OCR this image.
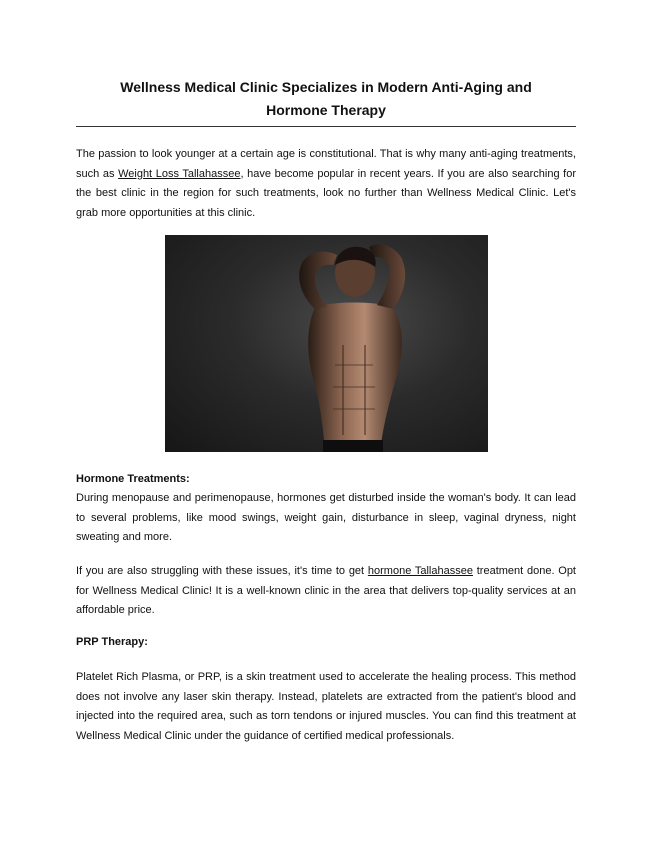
Wellness Medical Clinic Specializes in Modern Anti-Aging and
Hormone Therapy

The passion to look younger at a certain age is constitutional. That is why many anti-aging treatments, such as Weight Loss Tallahassee, have become popular in recent years. If you are also searching for the best clinic in the region for such treatments, look no further than Wellness Medical Clinic. Let's grab more opportunities at this clinic.

Hormone Treatments:

During menopause and perimenopause, hormones get disturbed inside the woman's body. It can lead to several problems, like mood swings, weight gain, disturbance in sleep, vaginal dryness, night sweating and more.

If you are also struggling with these issues, it's time to get hormone Tallahassee treatment done. Opt for Wellness Medical Clinic! It is a well-known clinic in the area that delivers top-quality services at an affordable price.

PRP Therapy:

Platelet Rich Plasma, or PRP, is a skin treatment used to accelerate the healing process. This method does not involve any laser skin therapy. Instead, platelets are extracted from the patient's blood and injected into the required area, such as torn tendons or injured muscles. You can find this treatment at Wellness Medical Clinic under the guidance of certified medical professionals.
